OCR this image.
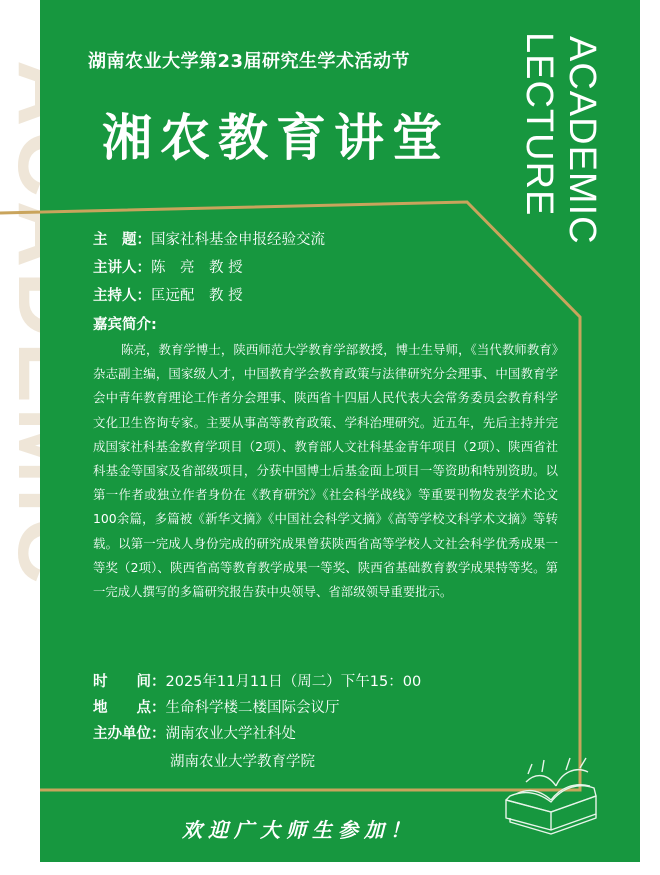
湖南农业大学第23届研究生学术活动节
湘农教育讲堂	ACADEMIC
LECTURE
主　题：国家社科基金申报经验交流
主讲人：陈　亮　教 授
主持人：匡远配　教 授
嘉宾简介:
陈亮，教育学博士，陕西师范大学教育学部教授，博士生导师，《当代教师教育》杂志副主编，国家级人才，中国教育学会教育政策与法律研究分会理事、中国教育学会中青年教育理论工作者分会理事、陕西省十四届人民代表大会常务委员会教育科学文化卫生咨询专家。主要从事高等教育政策、学科治理研究。近五年，先后主持并完成国家社科基金教育学项目（2项）、教育部人文社科基金青年项目（2项）、陕西省社科基金等国家及省部级项目，分获中国博士后基金面上项目一等资助和特别资助。以第一作者或独立作者身份在《教育研究》《社会科学战线》等重要刊物发表学术论文100余篇，多篇被《新华文摘》《中国社会科学文摘》《高等学校文科学术文摘》等转载。以第一完成人身份完成的研究成果曾获陕西省高等学校人文社会科学优秀成果一等奖（2项）、陕西省高等教育教学成果一等奖、陕西省基础教育教学成果特等奖。第一完成人撰写的多篇研究报告获中央领导、省部级领导重要批示。
时　　间：2025年11月11日（周二）下午15：00
地　　点：生命科学楼二楼国际会议厅
主办单位：湖南农业大学社科处
湖南农业大学教育学院
欢迎广大师生参加！
